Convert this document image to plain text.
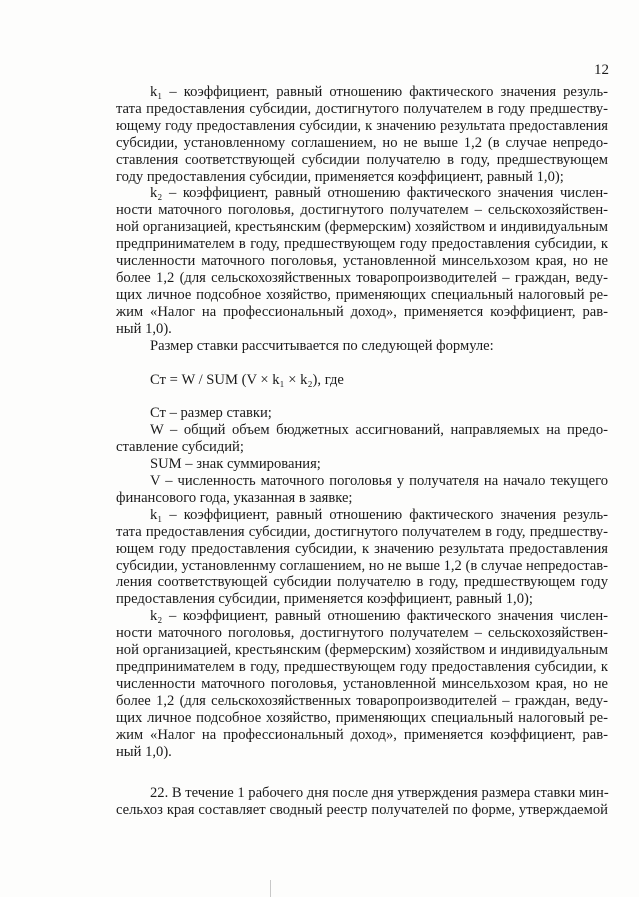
12
k₁ – коэффициент, равный отношению фактического значения резуль-
тата предоставления субсидии, достигнутого получателем в году предшеству-
ющему году предоставления субсидии, к значению результата предоставления
субсидии, установленному соглашением, но не выше 1,2 (в случае непредо-
ставления соответствующей субсидии получателю в году, предшествующем
году предоставления субсидии, применяется коэффициент, равный 1,0);
k₂ – коэффициент, равный отношению фактического значения числен-
ности маточного поголовья, достигнутого получателем – сельскохозяйствен-
ной организацией, крестьянским (фермерским) хозяйством и индивидуальным
предпринимателем в году, предшествующем году предоставления субсидии, к
численности маточного поголовья, установленной минсельхозом края, но не
более 1,2 (для сельскохозяйственных товаропроизводителей – граждан, веду-
щих личное подсобное хозяйство, применяющих специальный налоговый ре-
жим «Налог на профессиональный доход», применяется коэффициент, рав-
ный 1,0).
Размер ставки рассчитывается по следующей формуле:
Ст = W / SUM (V × k₁ × k₂), где
Ст – размер ставки;
W – общий объем бюджетных ассигнований, направляемых на предо-
ставление субсидий;
SUM – знак суммирования;
V – численность маточного поголовья у получателя на начало текущего
финансового года, указанная в заявке;
k₁ – коэффициент, равный отношению фактического значения резуль-
тата предоставления субсидии, достигнутого получателем в году, предшеству-
ющем году предоставления субсидии, к значению результата предоставления
субсидии, установленнму соглашением, но не выше 1,2 (в случае непредостав-
ления соответствующей субсидии получателю в году, предшествующем году
предоставления субсидии, применяется коэффициент, равный 1,0);
k₂ – коэффициент, равный отношению фактического значения числен-
ности маточного поголовья, достигнутого получателем – сельскохозяйствен-
ной организацией, крестьянским (фермерским) хозяйством и индивидуальным
предпринимателем в году, предшествующем году предоставления субсидии, к
численности маточного поголовья, установленной минсельхозом края, но не
более 1,2 (для сельскохозяйственных товаропроизводителей – граждан, веду-
щих личное подсобное хозяйство, применяющих специальный налоговый ре-
жим «Налог на профессиональный доход», применяется коэффициент, рав-
ный 1,0).
22. В течение 1 рабочего дня после дня утверждения размера ставки мин-
сельхоз края составляет сводный реестр получателей по форме, утверждаемой
